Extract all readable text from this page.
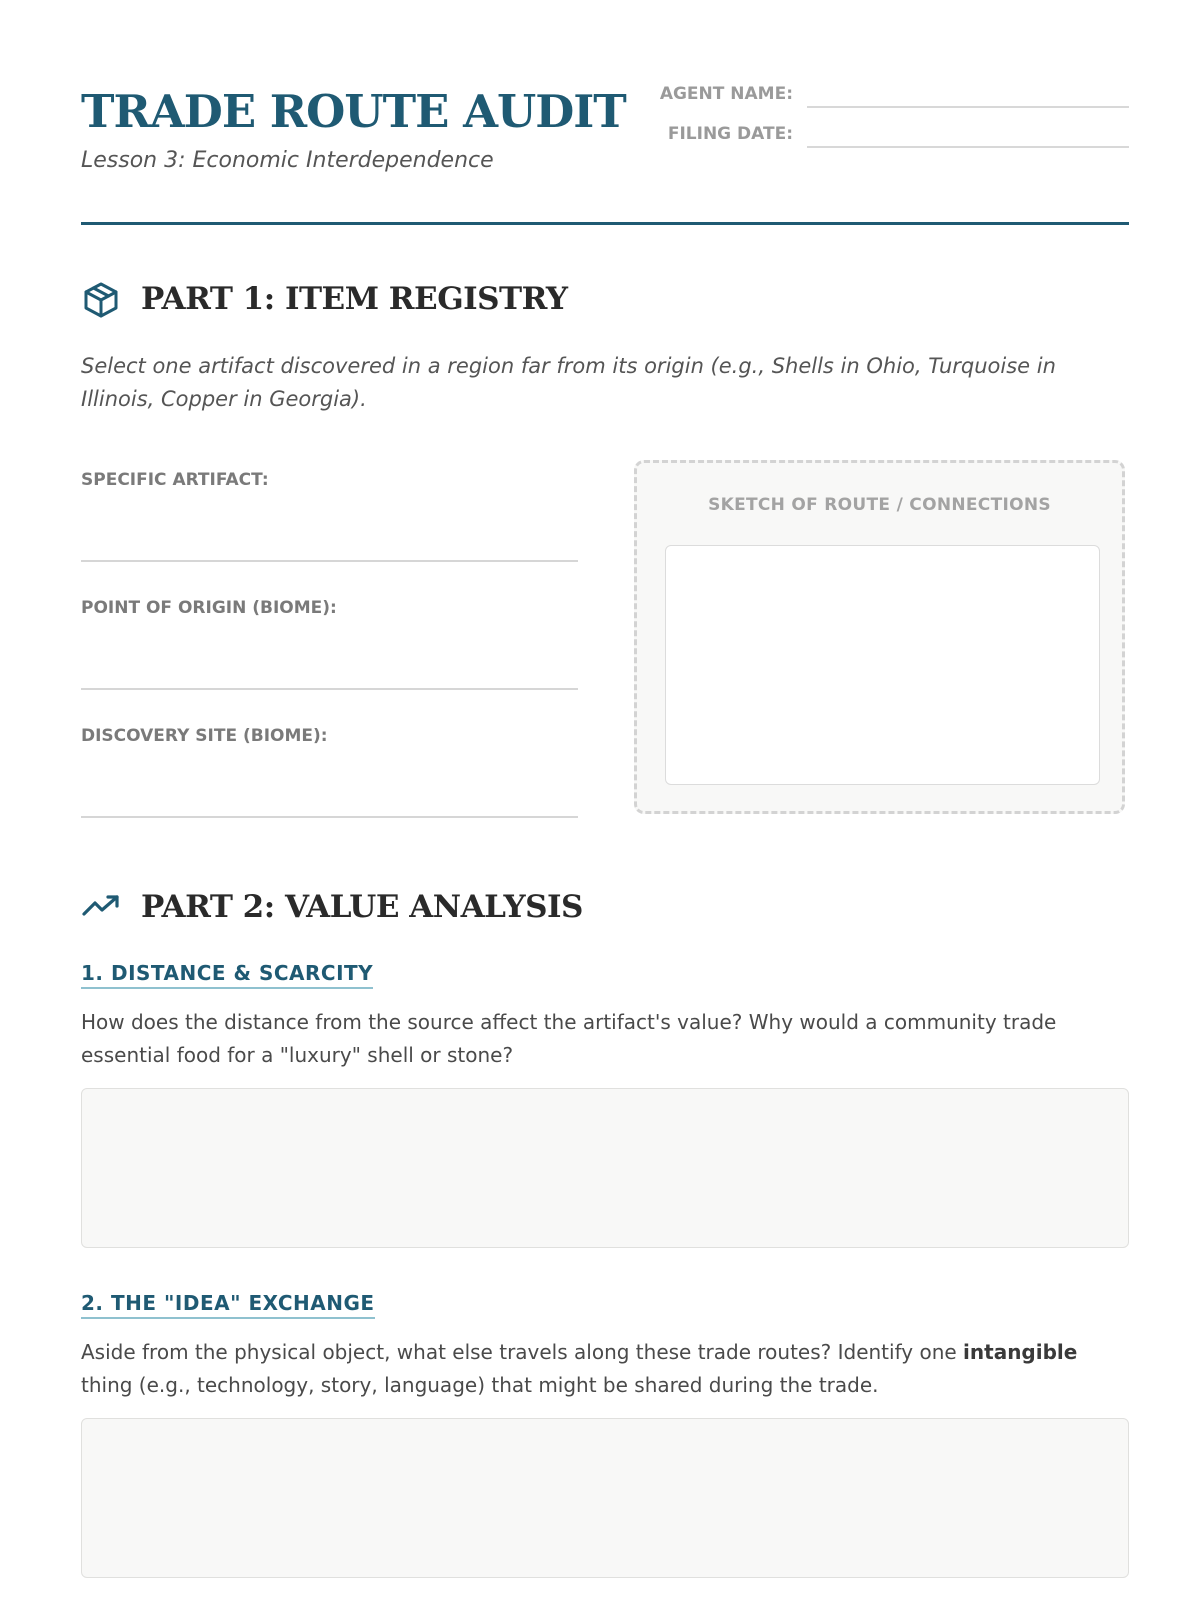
TRADE ROUTE AUDIT
Lesson 3: Economic Interdependence
AGENT NAME:
FILING DATE:
PART 1: ITEM REGISTRY

Select one artifact discovered in a region far from its origin (e.g., Shells in Ohio, Turquoise in Illinois, Copper in Georgia).

SPECIFIC ARTIFACT:
POINT OF ORIGIN (BIOME):
DISCOVERY SITE (BIOME):
SKETCH OF ROUTE / CONNECTIONS
PART 2: VALUE ANALYSIS
1. DISTANCE & SCARCITY

How does the distance from the source affect the artifact's value? Why would a community trade essential food for a "luxury" shell or stone?

2. THE "IDEA" EXCHANGE

Aside from the physical object, what else travels along these trade routes? Identify one intangible thing (e.g., technology, story, language) that might be shared during the trade.
